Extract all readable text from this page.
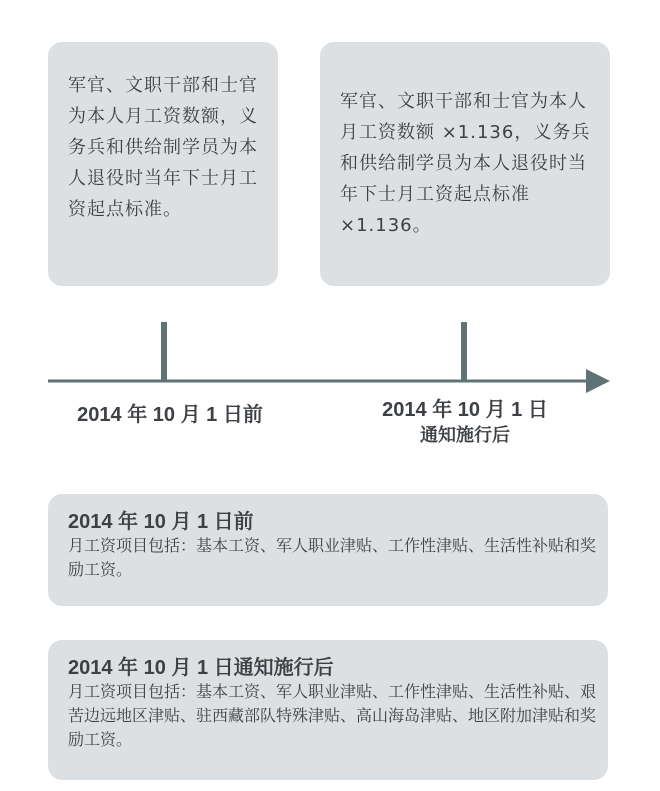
军官、文职干部和士官为本人月工资数额，义务兵和供给制学员为本人退役时当年下士月工资起点标准。

军官、文职干部和士官为本人月工资数额 ×1.136，义务兵和供给制学员为本人退役时当年下士月工资起点标准 ×1.136。

2014 年 10 月 1 日前	2014 年 10 月 1 日
通知施行后

2014 年 10 月 1 日前

月工资项目包括：基本工资、军人职业津贴、工作性津贴、生活性补贴和奖励工资。

2014 年 10 月 1 日通知施行后

月工资项目包括：基本工资、军人职业津贴、工作性津贴、生活性补贴、艰苦边远地区津贴、驻西藏部队特殊津贴、高山海岛津贴、地区附加津贴和奖励工资。
